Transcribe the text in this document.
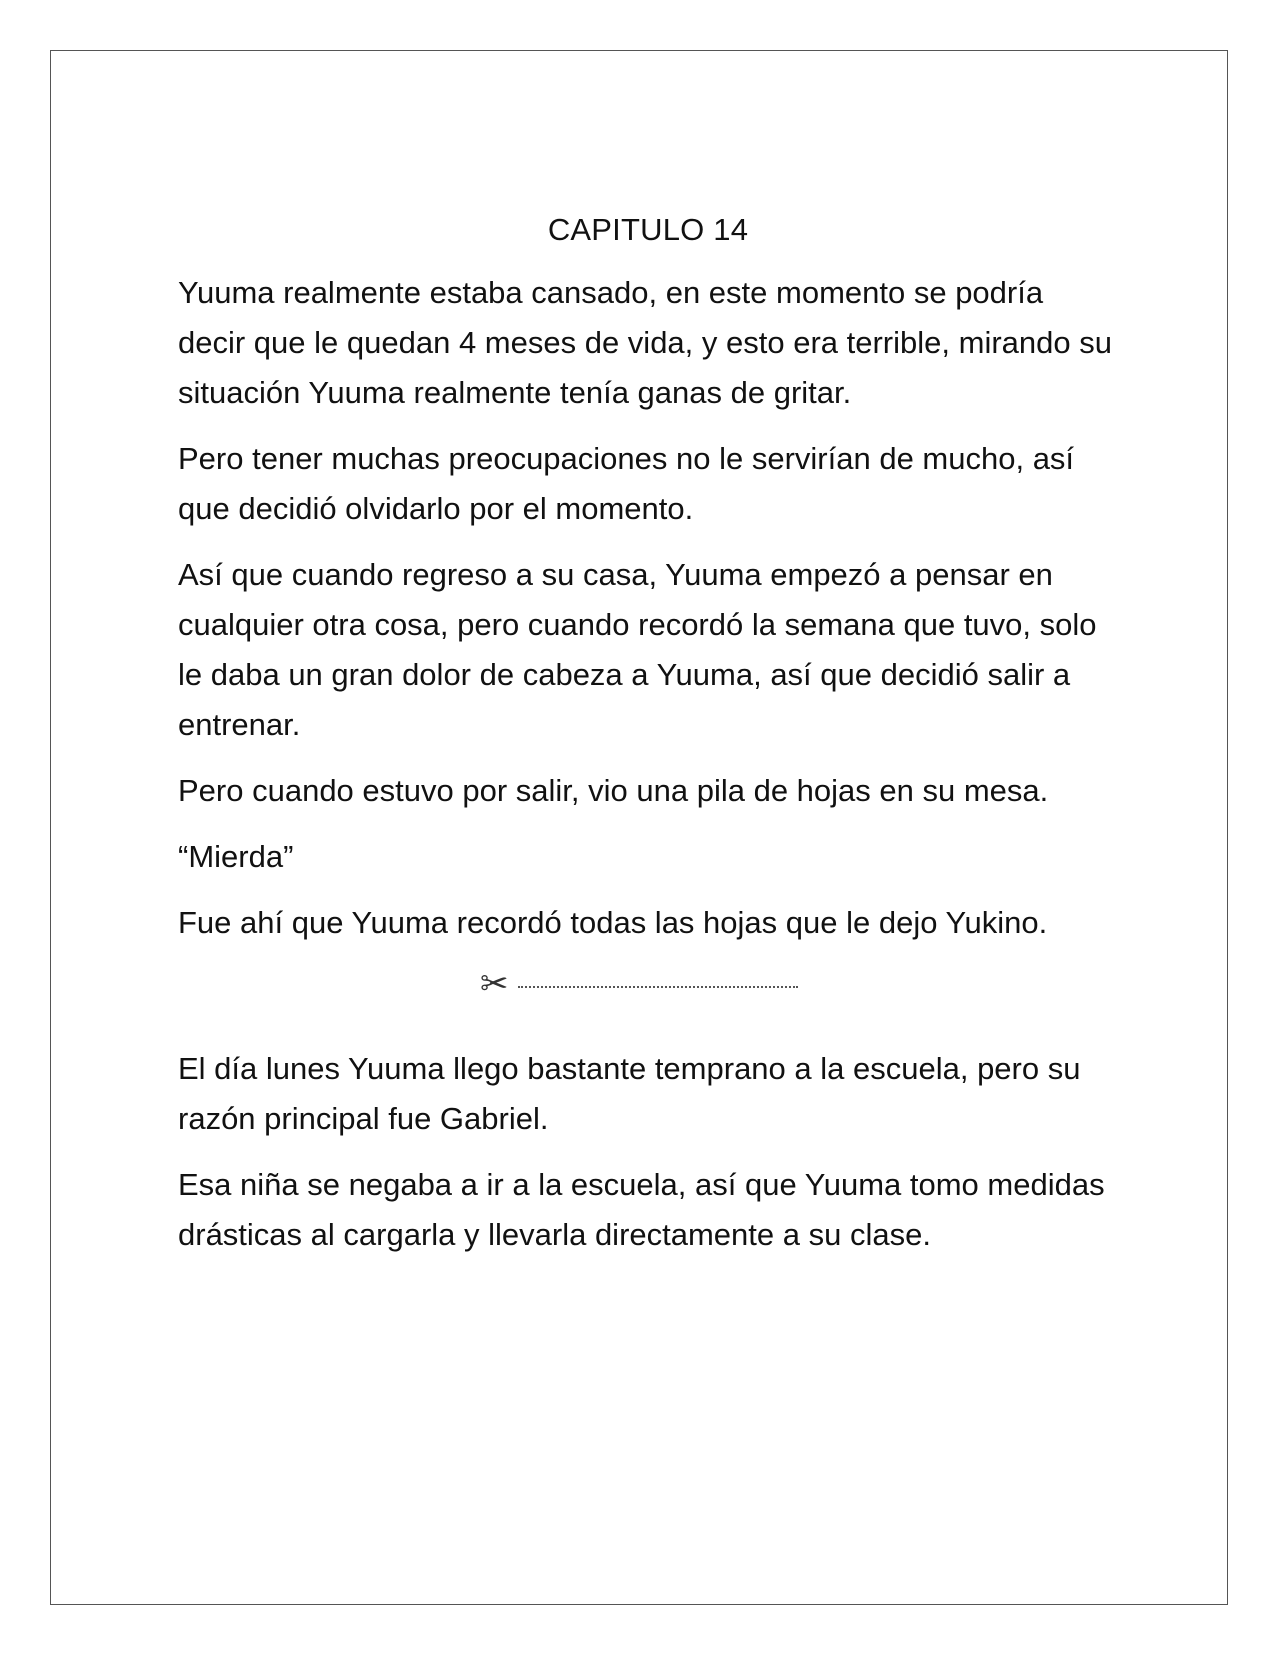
CAPITULO 14

Yuuma realmente estaba cansado, en este momento se podría decir que le quedan 4 meses de vida, y esto era terrible, mirando su situación Yuuma realmente tenía ganas de gritar.

Pero tener muchas preocupaciones no le servirían de mucho, así que decidió olvidarlo por el momento.

Así que cuando regreso a su casa, Yuuma empezó a pensar en cualquier otra cosa, pero cuando recordó la semana que tuvo, solo le daba un gran dolor de cabeza a Yuuma, así que decidió salir a entrenar.

Pero cuando estuvo por salir, vio una pila de hojas en su mesa.

“Mierda”

Fue ahí que Yuuma recordó todas las hojas que le dejo Yukino.

✂

El día lunes Yuuma llego bastante temprano a la escuela, pero su razón principal fue Gabriel.

Esa niña se negaba a ir a la escuela, así que Yuuma tomo medidas drásticas al cargarla y llevarla directamente a su clase.
